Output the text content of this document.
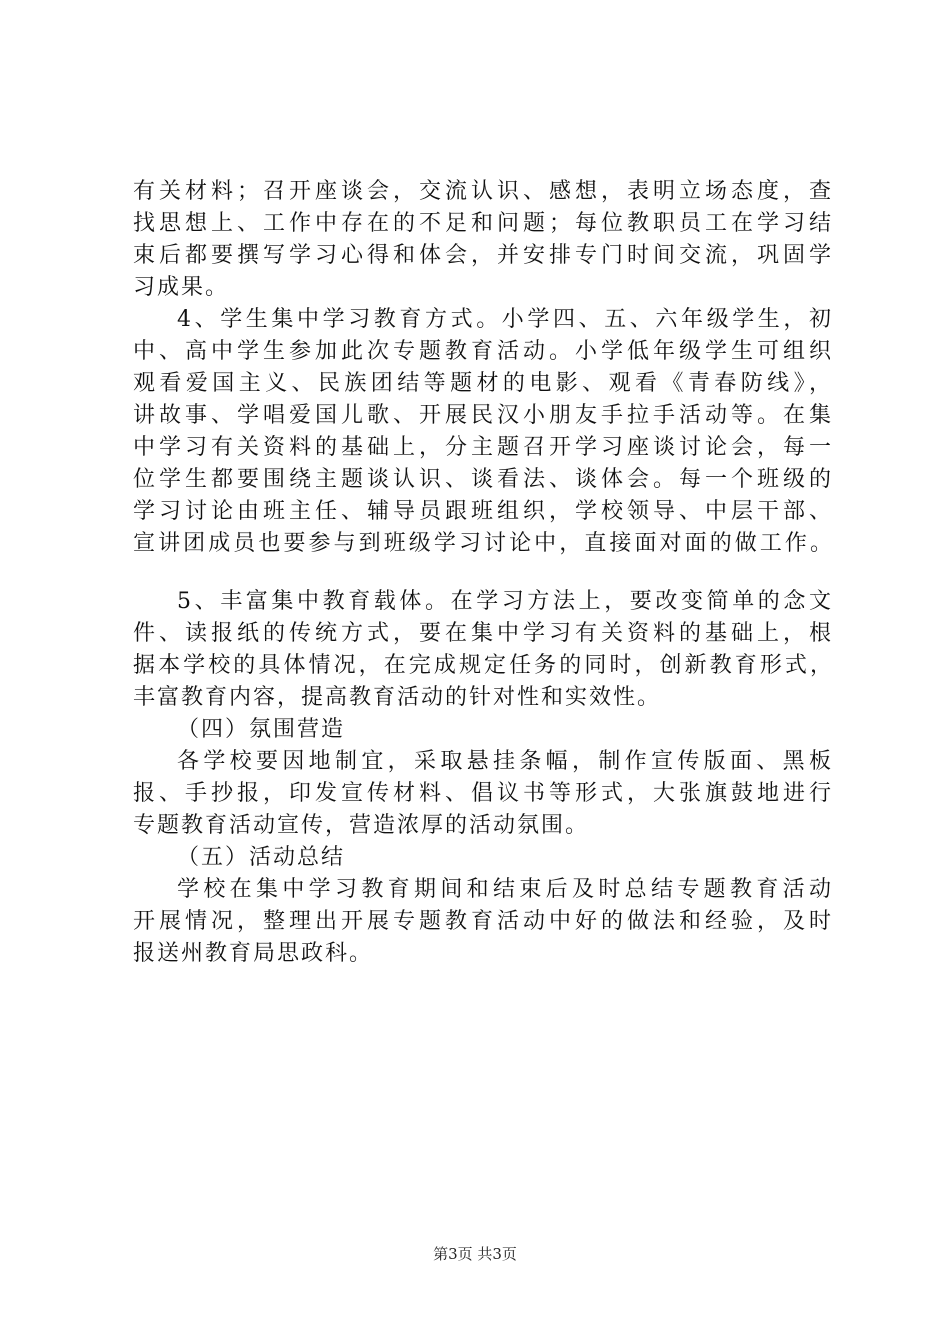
有关材料；召开座谈会，交流认识、感想，表明立场态度，查
找思想上、工作中存在的不足和问题；每位教职员工在学习结
束后都要撰写学习心得和体会，并安排专门时间交流，巩固学
习成果。
4、学生集中学习教育方式。小学四、五、六年级学生，初
中、高中学生参加此次专题教育活动。小学低年级学生可组织
观看爱国主义、民族团结等题材的电影、观看《青春防线》，
讲故事、学唱爱国儿歌、开展民汉小朋友手拉手活动等。在集
中学习有关资料的基础上，分主题召开学习座谈讨论会，每一
位学生都要围绕主题谈认识、谈看法、谈体会。每一个班级的
学习讨论由班主任、辅导员跟班组织，学校领导、中层干部、
宣讲团成员也要参与到班级学习讨论中，直接面对面的做工作。
5、丰富集中教育载体。在学习方法上，要改变简单的念文
件、读报纸的传统方式，要在集中学习有关资料的基础上，根
据本学校的具体情况，在完成规定任务的同时，创新教育形式，
丰富教育内容，提高教育活动的针对性和实效性。
（四）氛围营造
各学校要因地制宜，采取悬挂条幅，制作宣传版面、黑板
报、手抄报，印发宣传材料、倡议书等形式，大张旗鼓地进行
专题教育活动宣传，营造浓厚的活动氛围。
（五）活动总结
学校在集中学习教育期间和结束后及时总结专题教育活动
开展情况，整理出开展专题教育活动中好的做法和经验，及时
报送州教育局思政科。
第3页 共3页
